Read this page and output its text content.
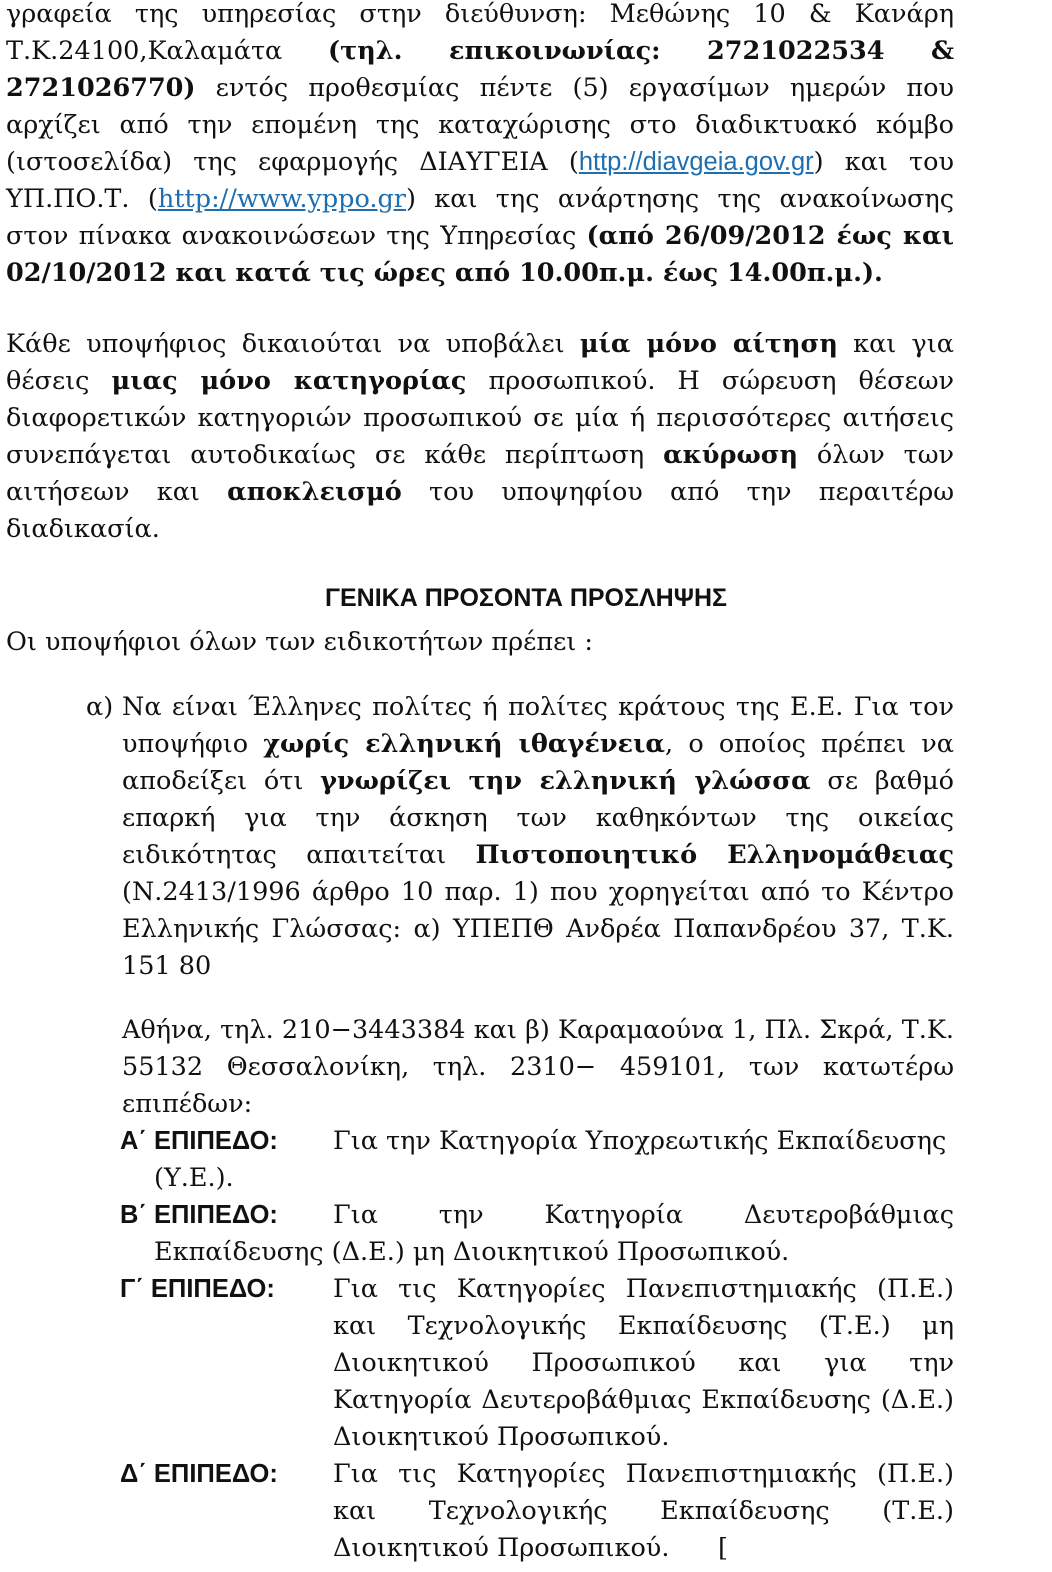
γραφεία της υπηρεσίας στην διεύθυνση: Μεθώνης 10 & Κανάρη Τ.Κ.24100,Καλαμάτα (τηλ. επικοινωνίας: 2721022534 & 2721026770) εντός προθεσμίας πέντε (5) εργασίμων ημερών που αρχίζει από την επομένη της καταχώρισης στο διαδικτυακό κόμβο (ιστοσελίδα) της εφαρμογής ΔΙΑΥΓΕΙΑ (http://diavgeia.gov.gr) και του ΥΠ.ΠΟ.Τ. (http://www.yppo.gr) και της ανάρτησης της ανακοίνωσης στον πίνακα ανακοινώσεων της Υπηρεσίας (από 26/09/2012 έως και 02/10/2012 και κατά τις ώρες από 10.00π.μ. έως 14.00π.μ.).

Κάθε υποψήφιος δικαιούται να υποβάλει μία μόνο αίτηση και για θέσεις μιας μόνο κατηγορίας προσωπικού. Η σώρευση θέσεων διαφορετικών κατηγοριών προσωπικού σε μία ή περισσότερες αιτήσεις συνεπάγεται αυτοδικαίως σε κάθε περίπτωση ακύρωση όλων των αιτήσεων και αποκλεισμό του υποψηφίου από την περαιτέρω διαδικασία.

ΓΕΝΙΚΑ ΠΡΟΣΟΝΤΑ ΠΡΟΣΛΗΨΗΣ

Οι υποψήφιοι όλων των ειδικοτήτων πρέπει :

α) Να είναι Έλληνες πολίτες ή πολίτες κράτους της Ε.Ε. Για τον υποψήφιο χωρίς ελληνική ιθαγένεια, ο οποίος πρέπει να αποδείξει ότι γνωρίζει την ελληνική γλώσσα σε βαθμό επαρκή για την άσκηση των καθηκόντων της οικείας ειδικότητας απαιτείται Πιστοποιητικό Ελληνομάθειας (Ν.2413/1996 άρθρο 10 παρ. 1) που χορηγείται από το Κέντρο Ελληνικής Γλώσσας: α) ΥΠΕΠΘ Ανδρέα Παπανδρέου 37, Τ.Κ. 151 80

Αθήνα, τηλ. 210−3443384 και β) Καραμαούνα 1, Πλ. Σκρά, Τ.Κ. 55132 Θεσσαλονίκη, τηλ. 2310− 459101, των κατωτέρω επιπέδων:

Α΄ ΕΠΙΠΕΔΟ: Για την Κατηγορία Υποχρεωτικής Εκπαίδευσης
(Υ.Ε.).
Β΄ ΕΠΙΠΕΔΟ: Για την Κατηγορία Δευτεροβάθμιας
Εκπαίδευσης (Δ.Ε.) μη Διοικητικού Προσωπικού.
Γ΄ ΕΠΙΠΕΔΟ: Για τις Κατηγορίες Πανεπιστημιακής (Π.Ε.) και Τεχνολογικής Εκπαίδευσης (Τ.Ε.) μη Διοικητικού Προσωπικού και για την Κατηγορία Δευτεροβάθμιας Εκπαίδευσης (Δ.Ε.) Διοικητικού Προσωπικού.
Δ΄ ΕΠΙΠΕΔΟ: Για τις Κατηγορίες Πανεπιστημιακής (Π.Ε.) και Τεχνολογικής Εκπαίδευσης (Τ.Ε.) Διοικητικού Προσωπικού.      [
